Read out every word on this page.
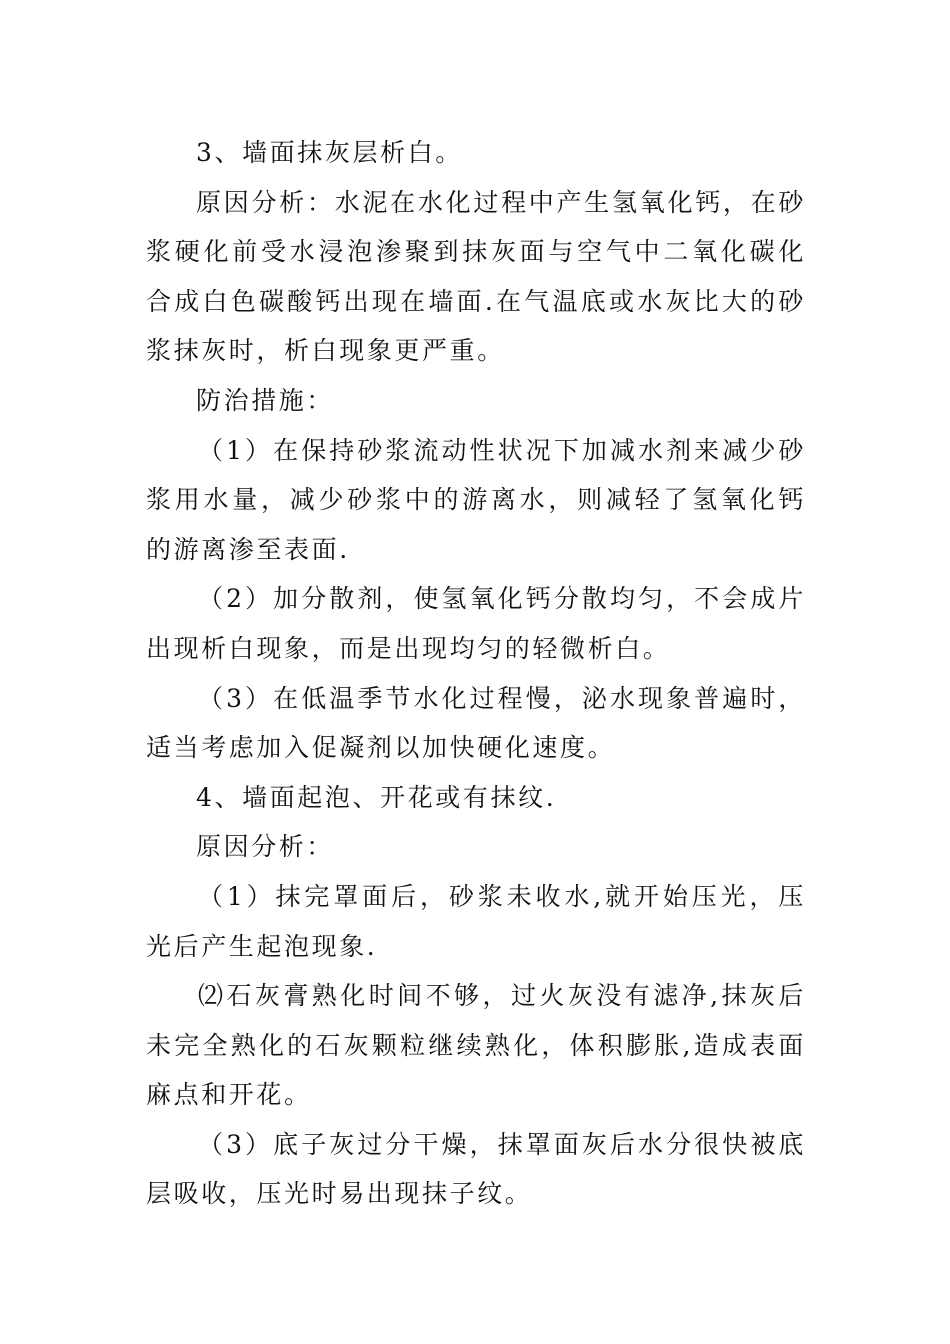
3、墙面抹灰层析白。

原因分析：水泥在水化过程中产生氢氧化钙，在砂浆硬化前受水浸泡渗聚到抹灰面与空气中二氧化碳化合成白色碳酸钙出现在墙面.在气温底或水灰比大的砂浆抹灰时，析白现象更严重。

防治措施：

（1）在保持砂浆流动性状况下加减水剂来减少砂浆用水量，减少砂浆中的游离水，则减轻了氢氧化钙的游离渗至表面.

（2）加分散剂，使氢氧化钙分散均匀，不会成片出现析白现象，而是出现均匀的轻微析白。

（3）在低温季节水化过程慢，泌水现象普遍时，适当考虑加入促凝剂以加快硬化速度。

4、墙面起泡、开花或有抹纹.

原因分析：

（1）抹完罩面后，砂浆未收水,就开始压光，压光后产生起泡现象.

⑵石灰膏熟化时间不够，过火灰没有滤净,抹灰后未完全熟化的石灰颗粒继续熟化，体积膨胀,造成表面麻点和开花。

（3）底子灰过分干燥，抹罩面灰后水分很快被底层吸收，压光时易出现抹子纹。
